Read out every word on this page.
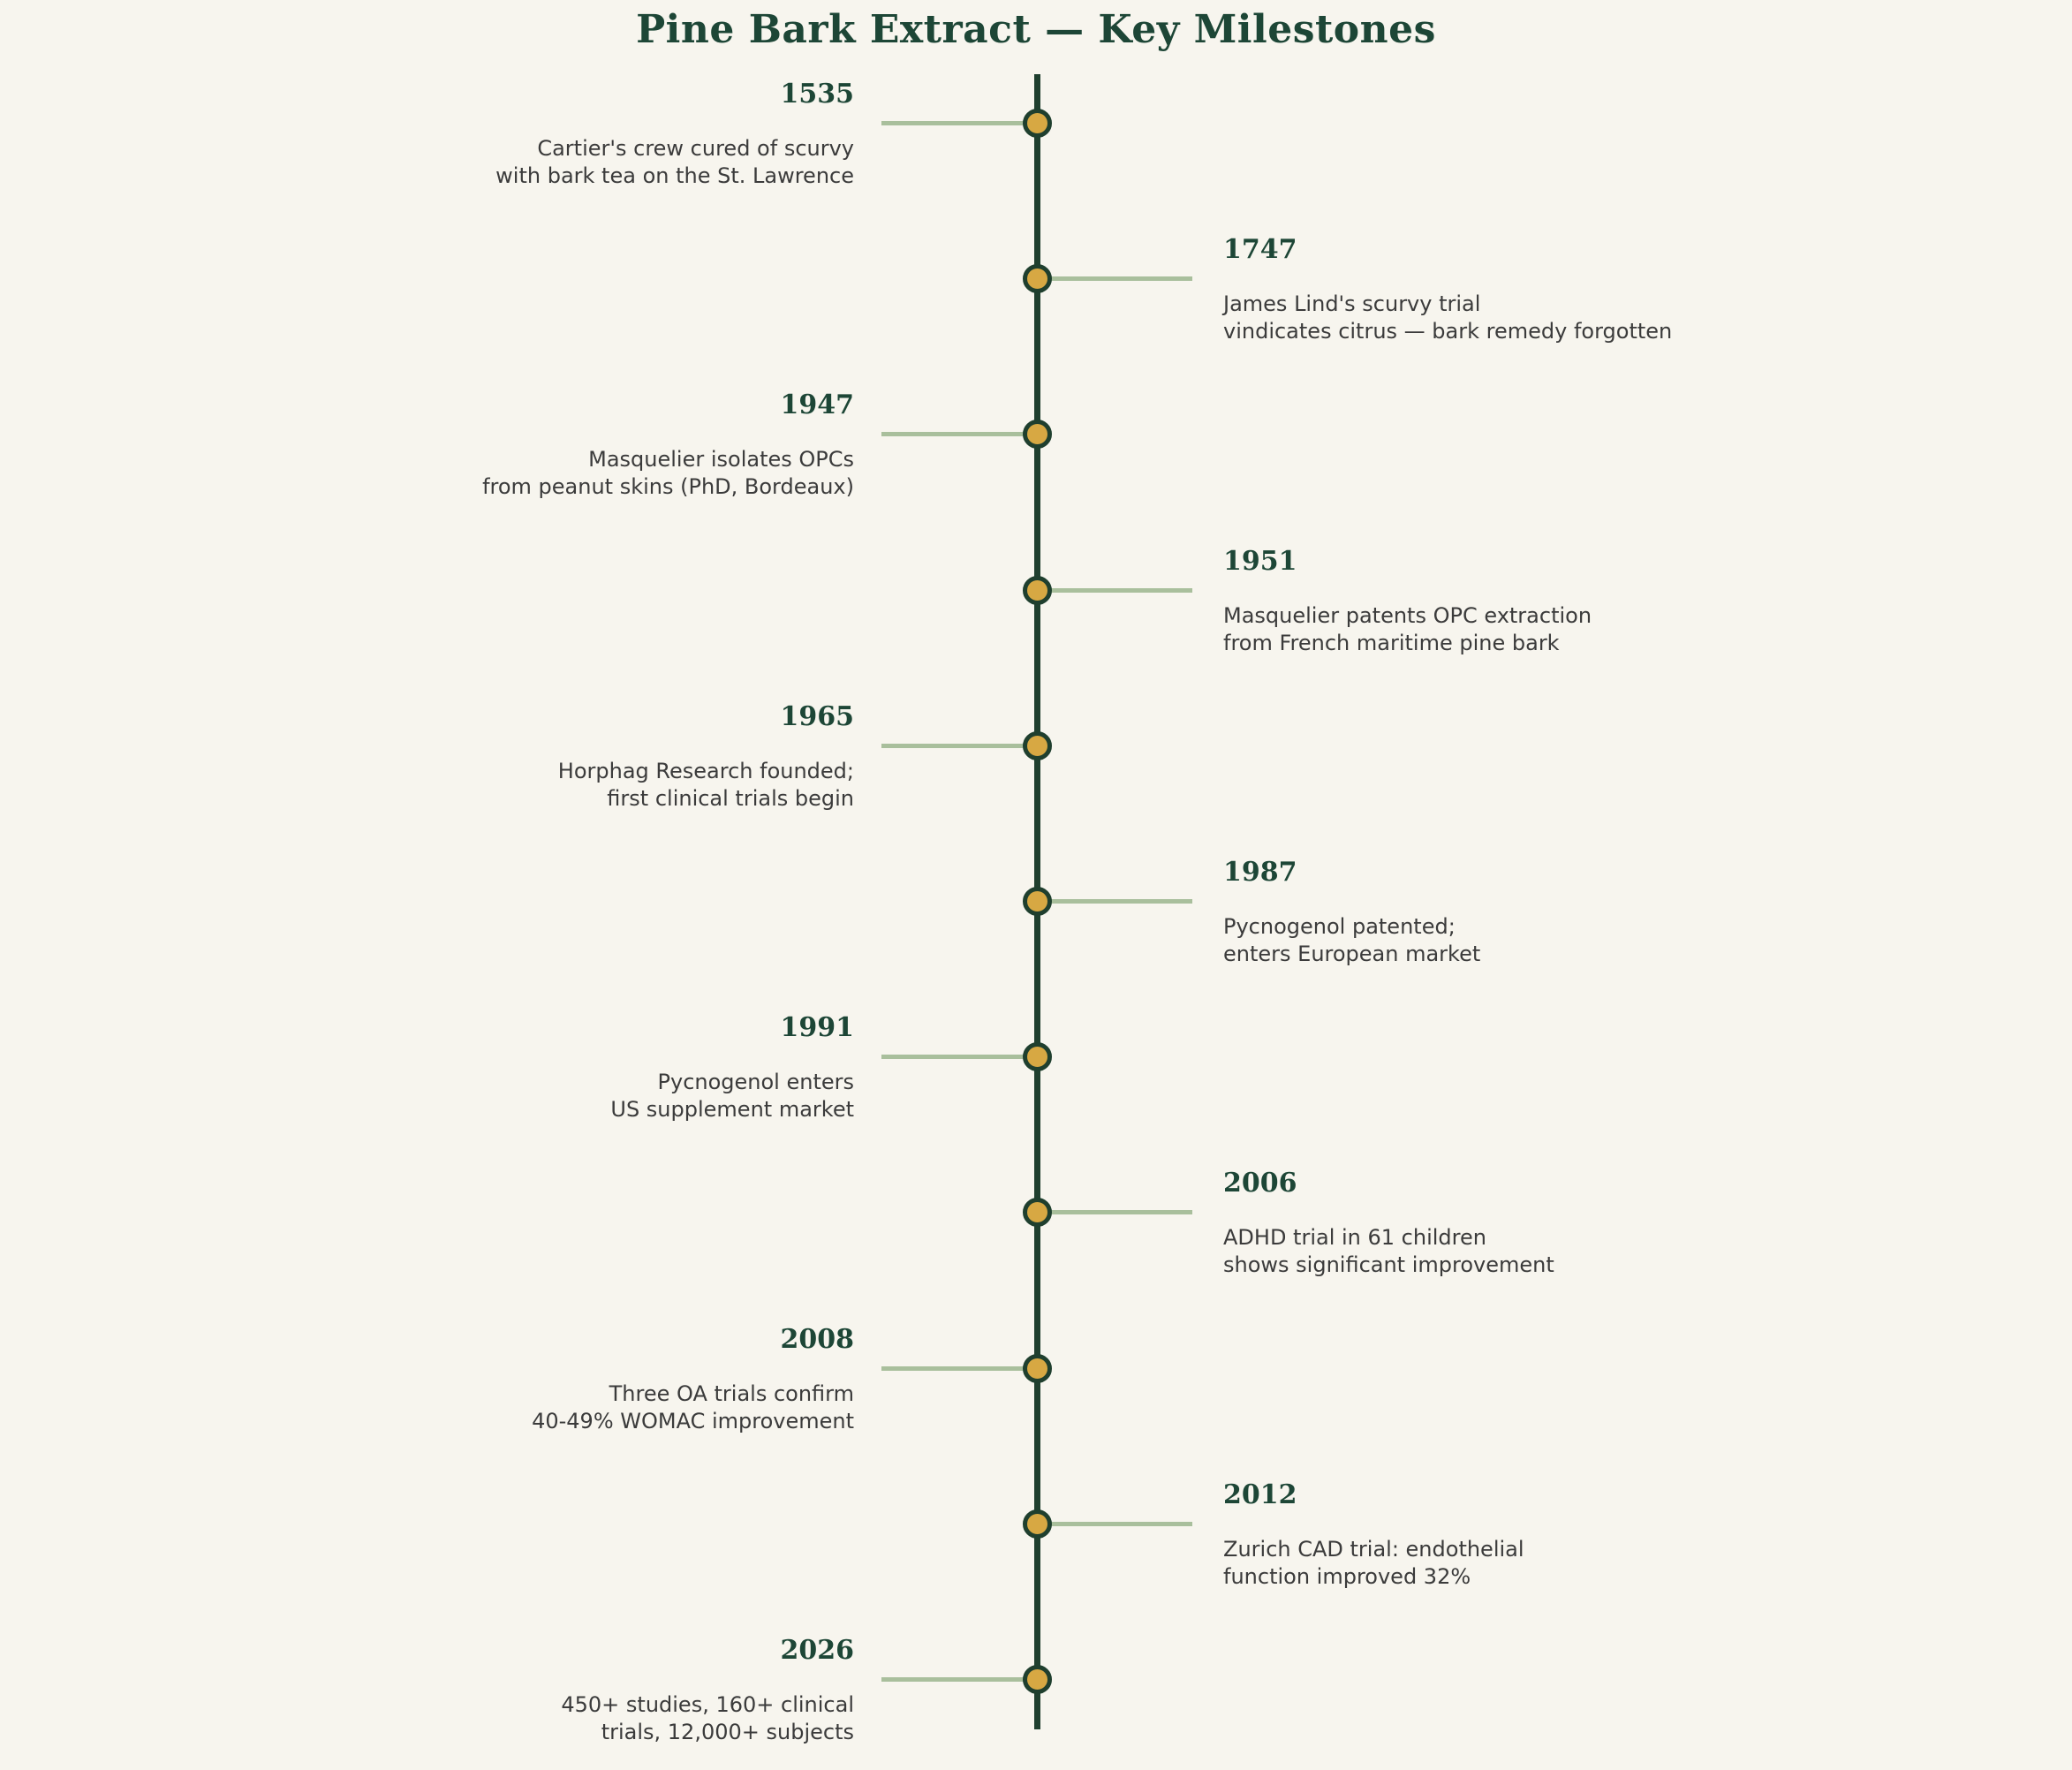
Pine Bark Extract — Key Milestones
1535
Cartier's crew cured of scurvy
with bark tea on the St. Lawrence
1747
James Lind's scurvy trial
vindicates citrus — bark remedy forgotten
1947
Masquelier isolates OPCs
from peanut skins (PhD, Bordeaux)
1951
Masquelier patents OPC extraction
from French maritime pine bark
1965
Horphag Research founded;
first clinical trials begin
1987
Pycnogenol patented;
enters European market
1991
Pycnogenol enters
US supplement market
2006
ADHD trial in 61 children
shows significant improvement
2008
Three OA trials confirm
40-49% WOMAC improvement
2012
Zurich CAD trial: endothelial
function improved 32%
2026
450+ studies, 160+ clinical
trials, 12,000+ subjects
